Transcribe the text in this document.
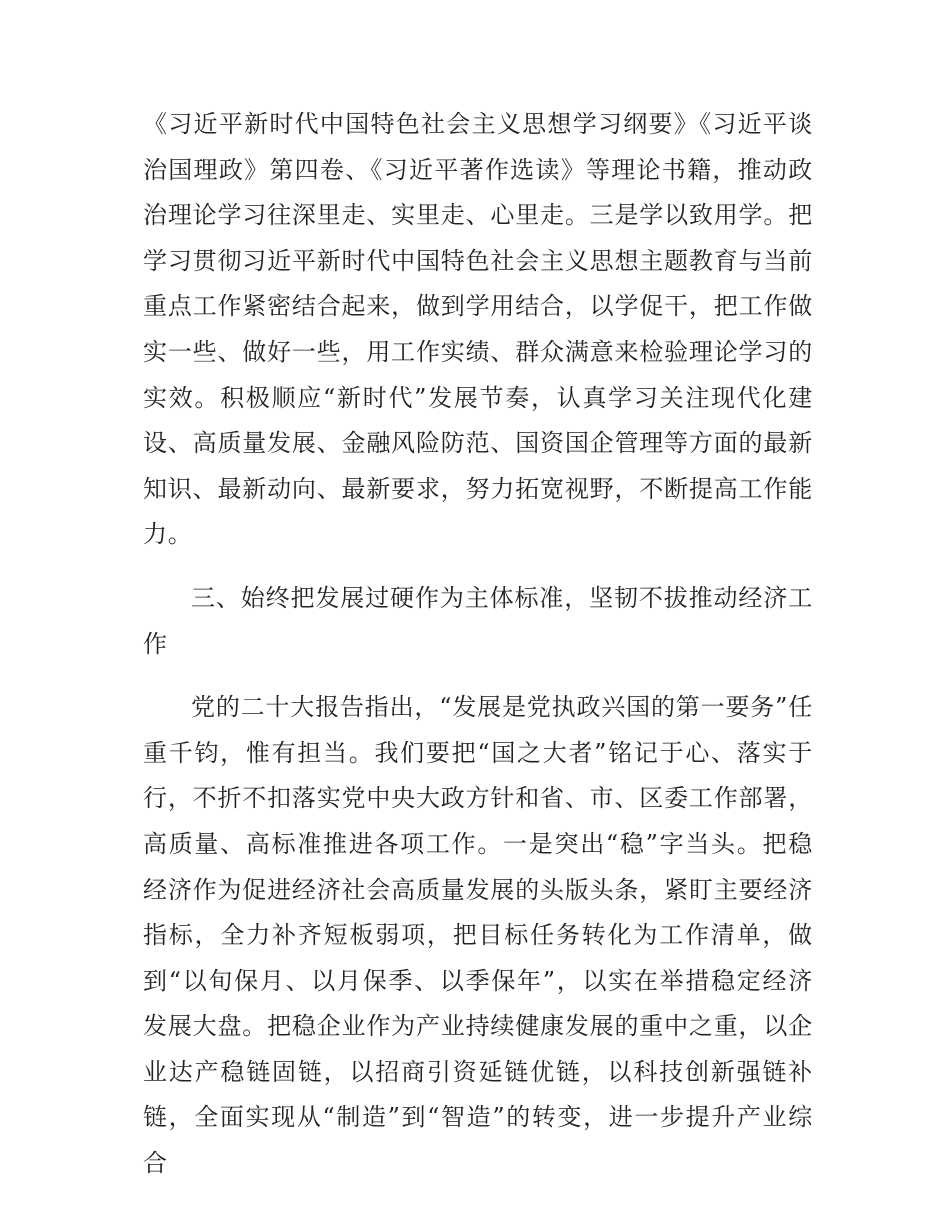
《习近平新时代中国特色社会主义思想学习纲要》《习近平谈治国理政》第四卷、《习近平著作选读》等理论书籍，推动政治理论学习往深里走、实里走、心里走。三是学以致用学。把学习贯彻习近平新时代中国特色社会主义思想主题教育与当前重点工作紧密结合起来，做到学用结合，以学促干，把工作做实一些、做好一些，用工作实绩、群众满意来检验理论学习的实效。积极顺应“新时代”发展节奏，认真学习关注现代化建设、高质量发展、金融风险防范、国资国企管理等方面的最新知识、最新动向、最新要求，努力拓宽视野，不断提高工作能力。

三、始终把发展过硬作为主体标准，坚韧不拔推动经济工作

党的二十大报告指出，“发展是党执政兴国的第一要务”任重千钧，惟有担当。我们要把“国之大者”铭记于心、落实于行，不折不扣落实党中央大政方针和省、市、区委工作部署，高质量、高标准推进各项工作。一是突出“稳”字当头。把稳经济作为促进经济社会高质量发展的头版头条，紧盯主要经济指标，全力补齐短板弱项，把目标任务转化为工作清单，做到“以旬保月、以月保季、以季保年”，以实在举措稳定经济发展大盘。把稳企业作为产业持续健康发展的重中之重，以企业达产稳链固链，以招商引资延链优链，以科技创新强链补链，全面实现从“制造”到“智造”的转变，进一步提升产业综合
